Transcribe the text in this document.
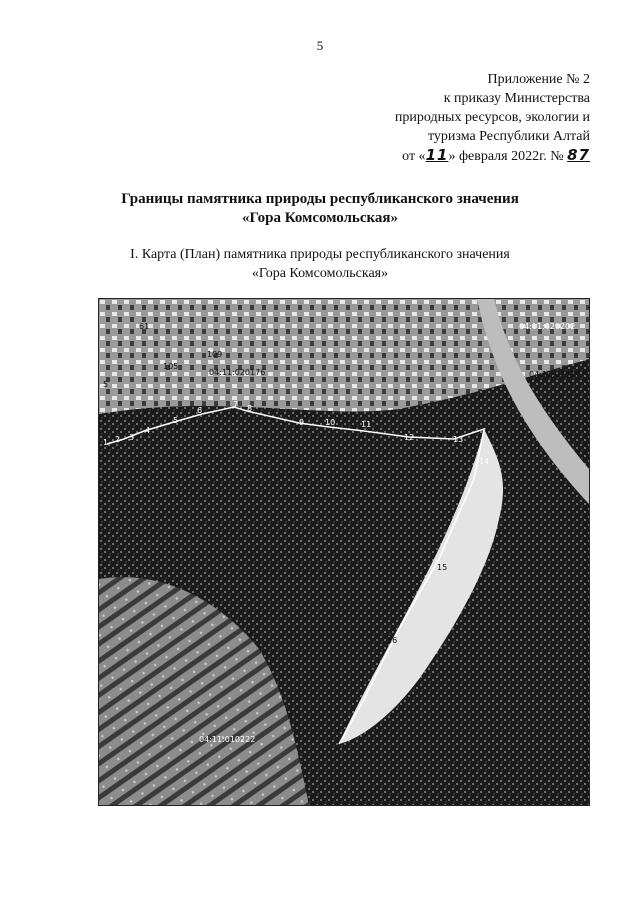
5
Приложение № 2
к приказу Министерства
природных ресурсов, экологии и
туризма Республики Алтай
от «11» февраля 2022г. № 87
Границы памятника природы республиканского значения
«Гора Комсомольская»
I. Карта (План) памятника природы республиканского значения
«Гора Комсомольская»
1 2 3
4
5
6
7 8
9	10	11
12	13
14
15
16
04:11:020176
04:11:020202
04:11:010222
04:11:02017
61
109
105
5
